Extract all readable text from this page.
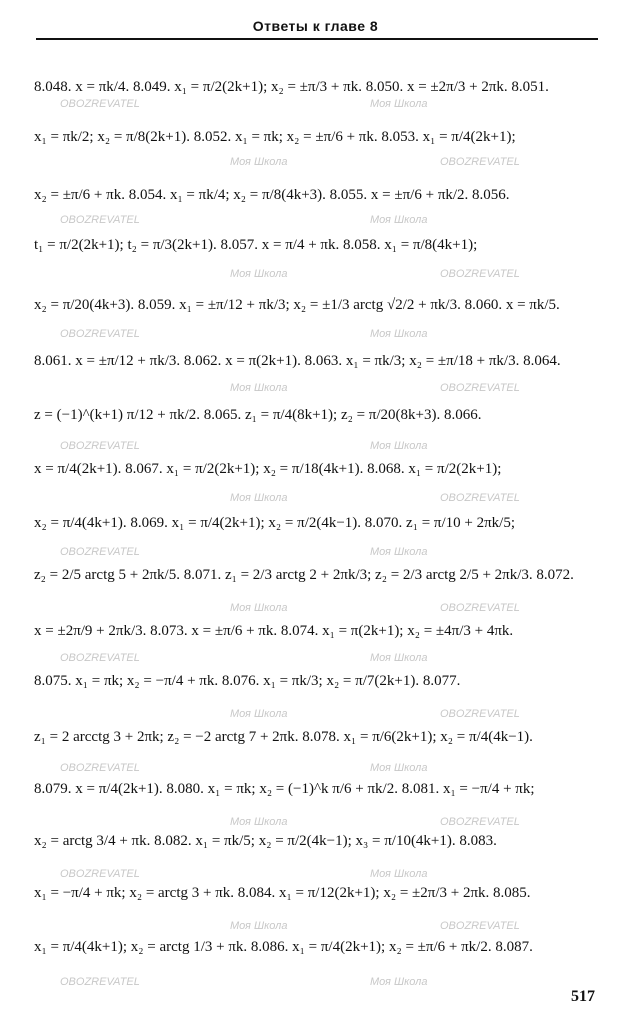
Ответы к главе 8
8.048. x = πk/4. 8.049. x₁ = π/2(2k+1); x₂ = ±π/3 + πk. 8.050. x = ±2π/3 + 2πk. 8.051.
x₁ = πk/2; x₂ = π/8(2k+1). 8.052. x₁ = πk; x₂ = ±π/6 + πk. 8.053. x₁ = π/4(2k+1);
x₂ = ±π/6 + πk. 8.054. x₁ = πk/4; x₂ = π/8(4k+3). 8.055. x = ±π/6 + πk/2. 8.056.
t₁ = π/2(2k+1); t₂ = π/3(2k+1). 8.057. x = π/4 + πk. 8.058. x₁ = π/8(4k+1);
x₂ = π/20(4k+3). 8.059. x₁ = ±π/12 + πk/3; x₂ = ±1/3 arctg √2/2 + πk/3. 8.060. x = πk/5.
8.061. x = ±π/12 + πk/3. 8.062. x = π(2k+1). 8.063. x₁ = πk/3; x₂ = ±π/18 + πk/3. 8.064.
z = (−1)^(k+1) π/12 + πk/2. 8.065. z₁ = π/4(8k+1); z₂ = π/20(8k+3). 8.066.
x = π/4(2k+1). 8.067. x₁ = π/2(2k+1); x₂ = π/18(4k+1). 8.068. x₁ = π/2(2k+1);
x₂ = π/4(4k+1). 8.069. x₁ = π/4(2k+1); x₂ = π/2(4k−1). 8.070. z₁ = π/10 + 2πk/5;
z₂ = 2/5 arctg 5 + 2πk/5. 8.071. z₁ = 2/3 arctg 2 + 2πk/3; z₂ = 2/3 arctg 2/5 + 2πk/3. 8.072.
x = ±2π/9 + 2πk/3. 8.073. x = ±π/6 + πk. 8.074. x₁ = π(2k+1); x₂ = ±4π/3 + 4πk.
8.075. x₁ = πk; x₂ = −π/4 + πk. 8.076. x₁ = πk/3; x₂ = π/7(2k+1). 8.077.
z₁ = 2 arcctg 3 + 2πk; z₂ = −2 arctg 7 + 2πk. 8.078. x₁ = π/6(2k+1); x₂ = π/4(4k−1).
8.079. x = π/4(2k+1). 8.080. x₁ = πk; x₂ = (−1)^k π/6 + πk/2. 8.081. x₁ = −π/4 + πk;
x₂ = arctg 3/4 + πk. 8.082. x₁ = πk/5; x₂ = π/2(4k−1); x₃ = π/10(4k+1). 8.083.
x₁ = −π/4 + πk; x₂ = arctg 3 + πk. 8.084. x₁ = π/12(2k+1); x₂ = ±2π/3 + 2πk. 8.085.
x₁ = π/4(4k+1); x₂ = arctg 1/3 + πk. 8.086. x₁ = π/4(2k+1); x₂ = ±π/6 + πk/2. 8.087.
OBOZREVATEL	Моя Школа
OBOZREVATEL
Моя Школа
OBOZREVATEL	Моя Школа
OBOZREVATEL
Моя Школа
OBOZREVATEL	Моя Школа
OBOZREVATEL
Моя Школа
OBOZREVATEL	Моя Школа
OBOZREVATEL
Моя Школа
OBOZREVATEL	Моя Школа
OBOZREVATEL
Моя Школа
OBOZREVATEL	Моя Школа
OBOZREVATEL
Моя Школа
OBOZREVATEL	Моя Школа
OBOZREVATEL
Моя Школа
OBOZREVATEL	Моя Школа
OBOZREVATEL
Моя Школа
OBOZREVATEL	Моя Школа
517
